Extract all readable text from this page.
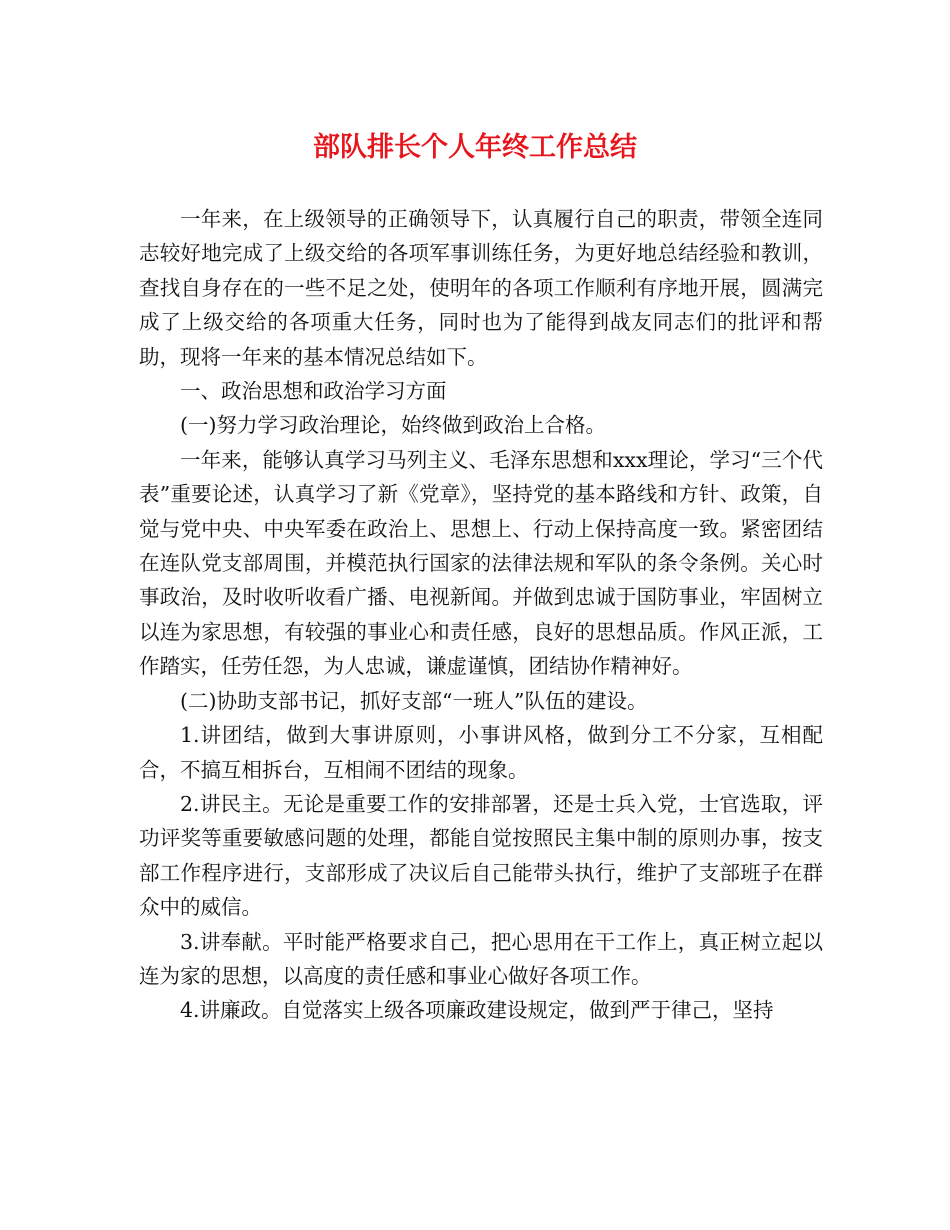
部队排长个人年终工作总结

一年来，在上级领导的正确领导下，认真履行自己的职责，带领全连同志较好地完成了上级交给的各项军事训练任务，为更好地总结经验和教训，查找自身存在的一些不足之处，使明年的各项工作顺利有序地开展，圆满完成了上级交给的各项重大任务，同时也为了能得到战友同志们的批评和帮助，现将一年来的基本情况总结如下。

一、政治思想和政治学习方面

(一)努力学习政治理论，始终做到政治上合格。

一年来，能够认真学习马列主义、毛泽东思想和xxx理论，学习“三个代表”重要论述，认真学习了新《党章》，坚持党的基本路线和方针、政策，自觉与党中央、中央军委在政治上、思想上、行动上保持高度一致。紧密团结在连队党支部周围，并模范执行国家的法律法规和军队的条令条例。关心时事政治，及时收听收看广播、电视新闻。并做到忠诚于国防事业，牢固树立以连为家思想，有较强的事业心和责任感，良好的思想品质。作风正派，工作踏实，任劳任怨，为人忠诚，谦虚谨慎，团结协作精神好。

(二)协助支部书记，抓好支部“一班人”队伍的建设。

1.讲团结，做到大事讲原则，小事讲风格，做到分工不分家，互相配合，不搞互相拆台，互相闹不团结的现象。

2.讲民主。无论是重要工作的安排部署，还是士兵入党，士官选取，评功评奖等重要敏感问题的处理，都能自觉按照民主集中制的原则办事，按支部工作程序进行，支部形成了决议后自己能带头执行，维护了支部班子在群众中的威信。

3.讲奉献。平时能严格要求自己，把心思用在干工作上，真正树立起以连为家的思想，以高度的责任感和事业心做好各项工作。

4.讲廉政。自觉落实上级各项廉政建设规定，做到严于律己，坚持
